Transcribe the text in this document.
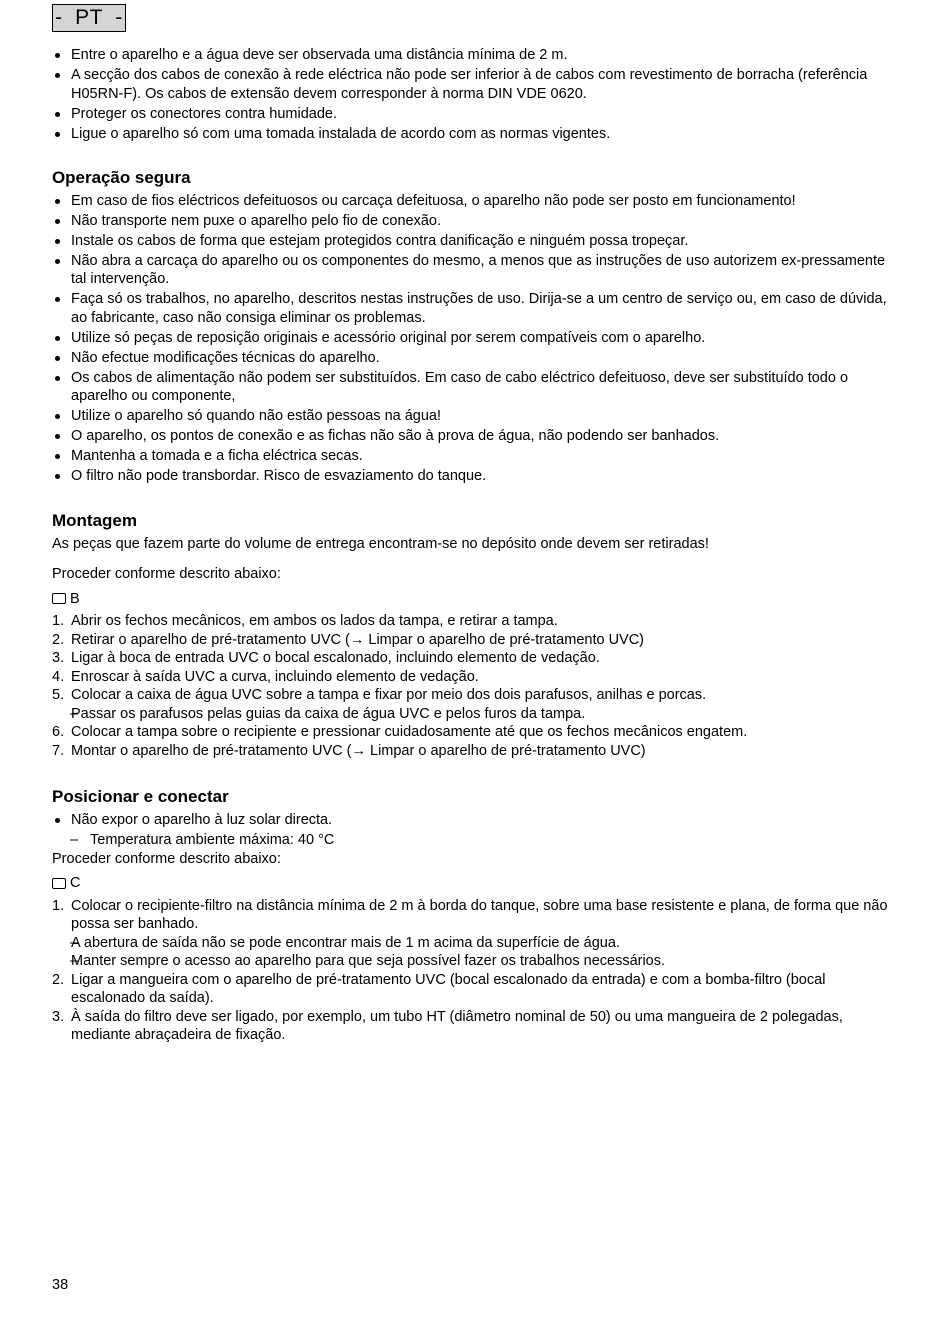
-  PT  -
Entre o aparelho e a água deve ser observada uma distância mínima de 2 m.
A secção dos cabos de conexão à rede eléctrica não pode ser inferior à de cabos com revestimento de borracha (referência H05RN-F). Os cabos de extensão devem corresponder à norma DIN VDE 0620.
Proteger os conectores contra humidade.
Ligue o aparelho só com uma tomada instalada de acordo com as normas vigentes.
Operação segura
Em caso de fios eléctricos defeituosos ou carcaça defeituosa, o aparelho não pode ser posto em funcionamento!
Não transporte nem puxe o aparelho pelo fio de conexão.
Instale os cabos de forma que estejam protegidos contra danificação e ninguém possa tropeçar.
Não abra a carcaça do aparelho ou os componentes do mesmo, a menos que as instruções de uso autorizem ex-pressamente tal intervenção.
Faça só os trabalhos, no aparelho, descritos nestas instruções de uso. Dirija-se a um centro de serviço ou, em caso de dúvida, ao fabricante, caso não consiga eliminar os problemas.
Utilize só peças de reposição originais e acessório original por serem compatíveis com o aparelho.
Não efectue modificações técnicas do aparelho.
Os cabos de alimentação não podem ser substituídos. Em caso de cabo eléctrico defeituoso, deve ser substituído todo o aparelho ou componente,
Utilize o aparelho só quando não estão pessoas na água!
O aparelho, os pontos de conexão e as fichas não são à prova de água, não podendo ser banhados.
Mantenha a tomada e a ficha eléctrica secas.
O filtro não pode transbordar. Risco de esvaziamento do tanque.
Montagem

As peças que fazem parte do volume de entrega encontram-se no depósito onde devem ser retiradas!

Proceder conforme descrito abaixo:

B
1. Abrir os fechos mecânicos, em ambos os lados da tampa, e retirar a tampa.
2. Retirar o aparelho de pré-tratamento UVC (→ Limpar o aparelho de pré-tratamento UVC)
3. Ligar à boca de entrada UVC o bocal escalonado, incluindo elemento de vedação.
4. Enroscar à saída UVC a curva, incluindo elemento de vedação.
5. Colocar a caixa de água UVC sobre a tampa e fixar por meio dos dois parafusos, anilhas e porcas.
– Passar os parafusos pelas guias da caixa de água UVC e pelos furos da tampa.
6. Colocar a tampa sobre o recipiente e pressionar cuidadosamente até que os fechos mecânicos engatem.
7. Montar o aparelho de pré-tratamento UVC (→ Limpar o aparelho de pré-tratamento UVC)
Posicionar e conectar
Não expor o aparelho à luz solar directa.
– Temperatura ambiente máxima: 40 °C

Proceder conforme descrito abaixo:

C
1. Colocar o recipiente-filtro na distância mínima de 2 m à borda do tanque, sobre uma base resistente e plana, de forma que não possa ser banhado.
– A abertura de saída não se pode encontrar mais de 1 m acima da superfície de água.
– Manter sempre o acesso ao aparelho para que seja possível fazer os trabalhos necessários.
2. Ligar a mangueira com o aparelho de pré-tratamento UVC (bocal escalonado da entrada) e com a bomba-filtro (bocal escalonado da saída).
3. À saída do filtro deve ser ligado, por exemplo, um tubo HT (diâmetro nominal de 50) ou uma mangueira de 2 polegadas, mediante abraçadeira de fixação.
38
